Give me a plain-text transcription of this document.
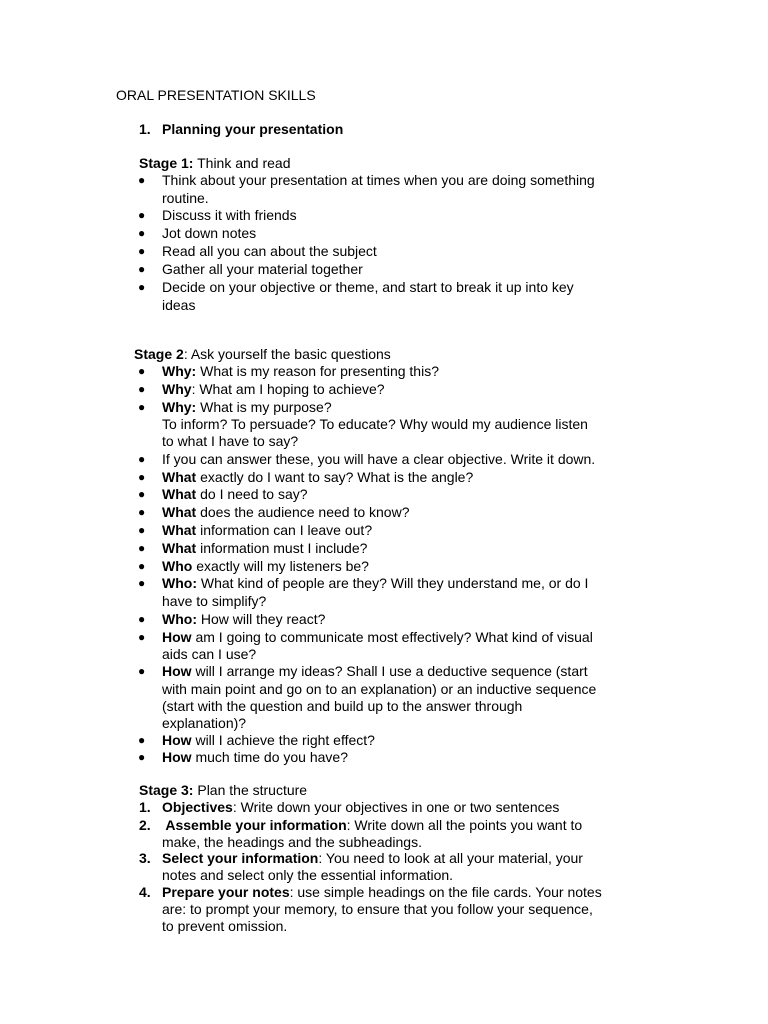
ORAL PRESENTATION SKILLS
1. Planning your presentation
Stage 1: Think and read
● Think about your presentation at times when you are doing something
routine.
● Discuss it with friends
● Jot down notes
● Read all you can about the subject
● Gather all your material together
● Decide on your objective or theme, and start to break it up into key
ideas
Stage 2: Ask yourself the basic questions
● Why: What is my reason for presenting this?
● Why: What am I hoping to achieve?
● Why: What is my purpose?
To inform? To persuade? To educate? Why would my audience listen
to what I have to say?
● If you can answer these, you will have a clear objective. Write it down.
● What exactly do I want to say? What is the angle?
● What do I need to say?
● What does the audience need to know?
● What information can I leave out?
● What information must I include?
● Who exactly will my listeners be?
● Who: What kind of people are they? Will they understand me, or do I
have to simplify?
● Who: How will they react?
● How am I going to communicate most effectively? What kind of visual
aids can I use?
● How will I arrange my ideas? Shall I use a deductive sequence (start
with main point and go on to an explanation) or an inductive sequence
(start with the question and build up to the answer through
explanation)?
● How will I achieve the right effect?
● How much time do you have?
Stage 3: Plan the structure
1. Objectives: Write down your objectives in one or two sentences
2. Assemble your information: Write down all the points you want to
make, the headings and the subheadings.
3. Select your information: You need to look at all your material, your
notes and select only the essential information.
4. Prepare your notes: use simple headings on the file cards. Your notes
are: to prompt your memory, to ensure that you follow your sequence,
to prevent omission.
